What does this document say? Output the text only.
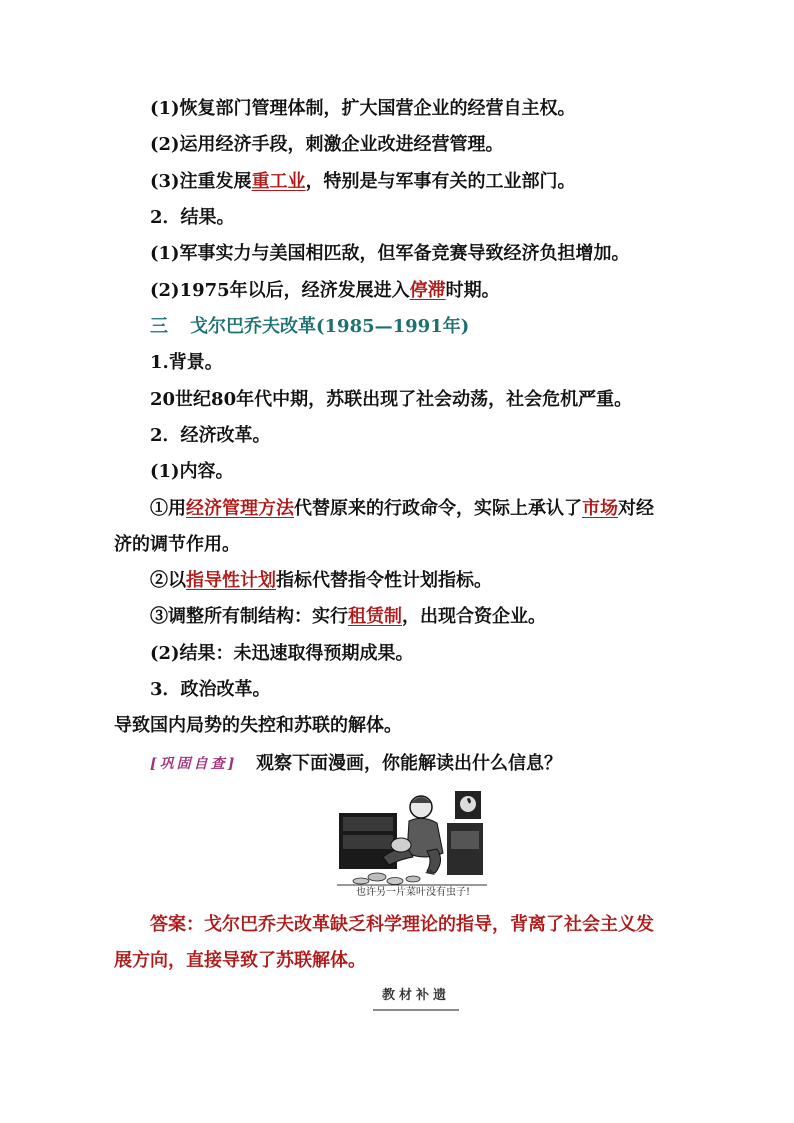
(1)恢复部门管理体制，扩大国营企业的经营自主权。
(2)运用经济手段，刺激企业改进经营管理。
(3)注重发展重工业，特别是与军事有关的工业部门。
2．结果。
(1)军事实力与美国相匹敌，但军备竞赛导致经济负担增加。
(2)1975年以后，经济发展进入停滞时期。
三 戈尔巴乔夫改革(1985—1991年)
1.背景。
20世纪80年代中期，苏联出现了社会动荡，社会危机严重。
2．经济改革。
(1)内容。
①用经济管理方法代替原来的行政命令，实际上承认了市场对经
济的调节作用。
②以指导性计划指标代替指令性计划指标。
③调整所有制结构：实行租赁制，出现合资企业。
(2)结果：未迅速取得预期成果。
3．政治改革。
导致国内局势的失控和苏联的解体。
[巩固自查] 观察下面漫画，你能解读出什么信息？
也许另一片菜叶没有虫子!
答案：戈尔巴乔夫改革缺乏科学理论的指导，背离了社会主义发
展方向，直接导致了苏联解体。
教材补遗
